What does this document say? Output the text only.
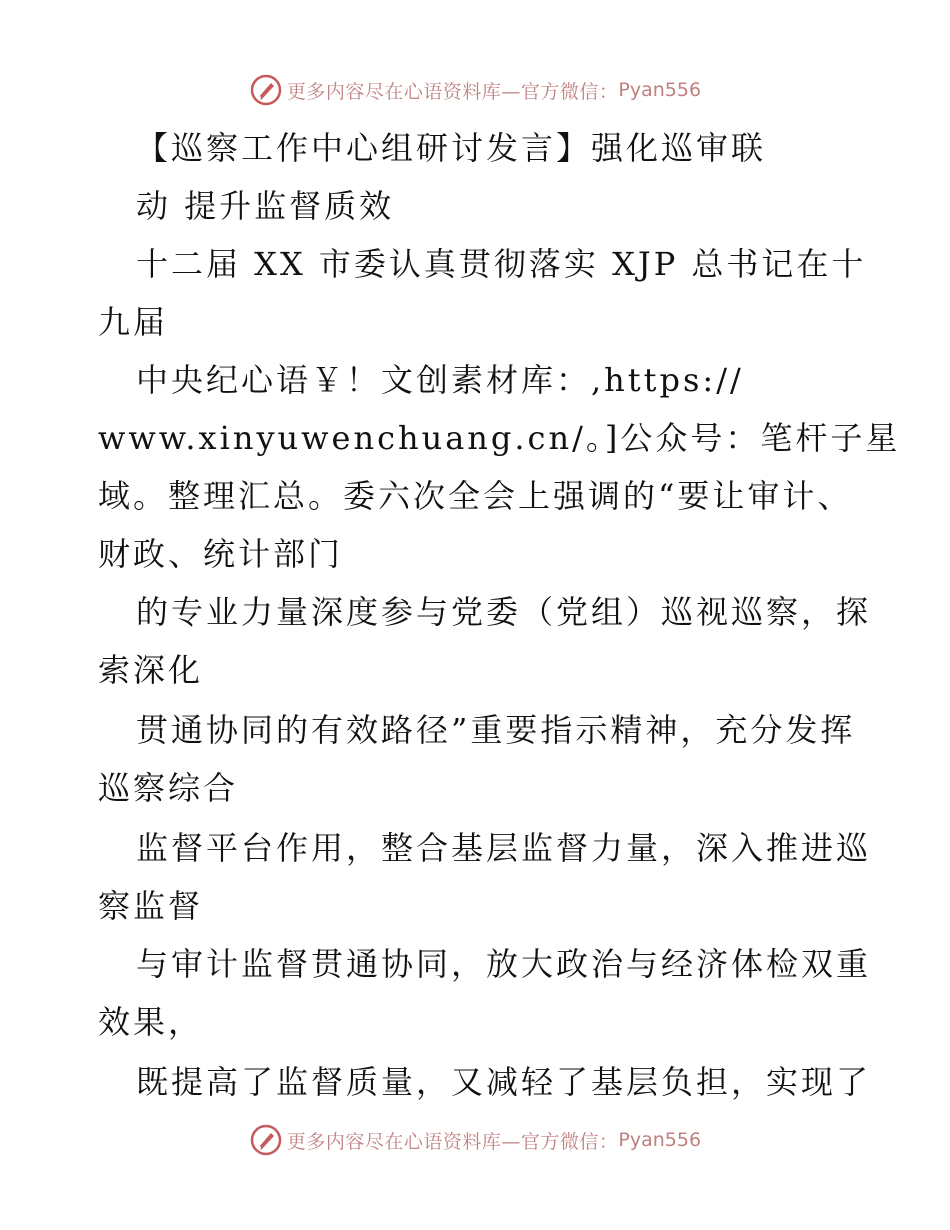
更多内容尽在心语资料库—官方微信： Pyan556
【巡察工作中心组研讨发言】强化巡审联
动 提升监督质效
十二届 XX 市委认真贯彻落实 XJP 总书记在十
九届
中央纪心语￥！文创素材库：,https://
www.xinyuwenchuang.cn/。]公众号：笔杆子星
域。整理汇总。委六次全会上强调的“要让审计、
财政、统计部门
的专业力量深度参与党委（党组）巡视巡察，探
索深化
贯通协同的有效路径”重要指示精神，充分发挥
巡察综合
监督平台作用，整合基层监督力量，深入推进巡
察监督
与审计监督贯通协同，放大政治与经济体检双重
效果，
既提高了监督质量，又减轻了基层负担，实现了
更多内容尽在心语资料库—官方微信： Pyan556
